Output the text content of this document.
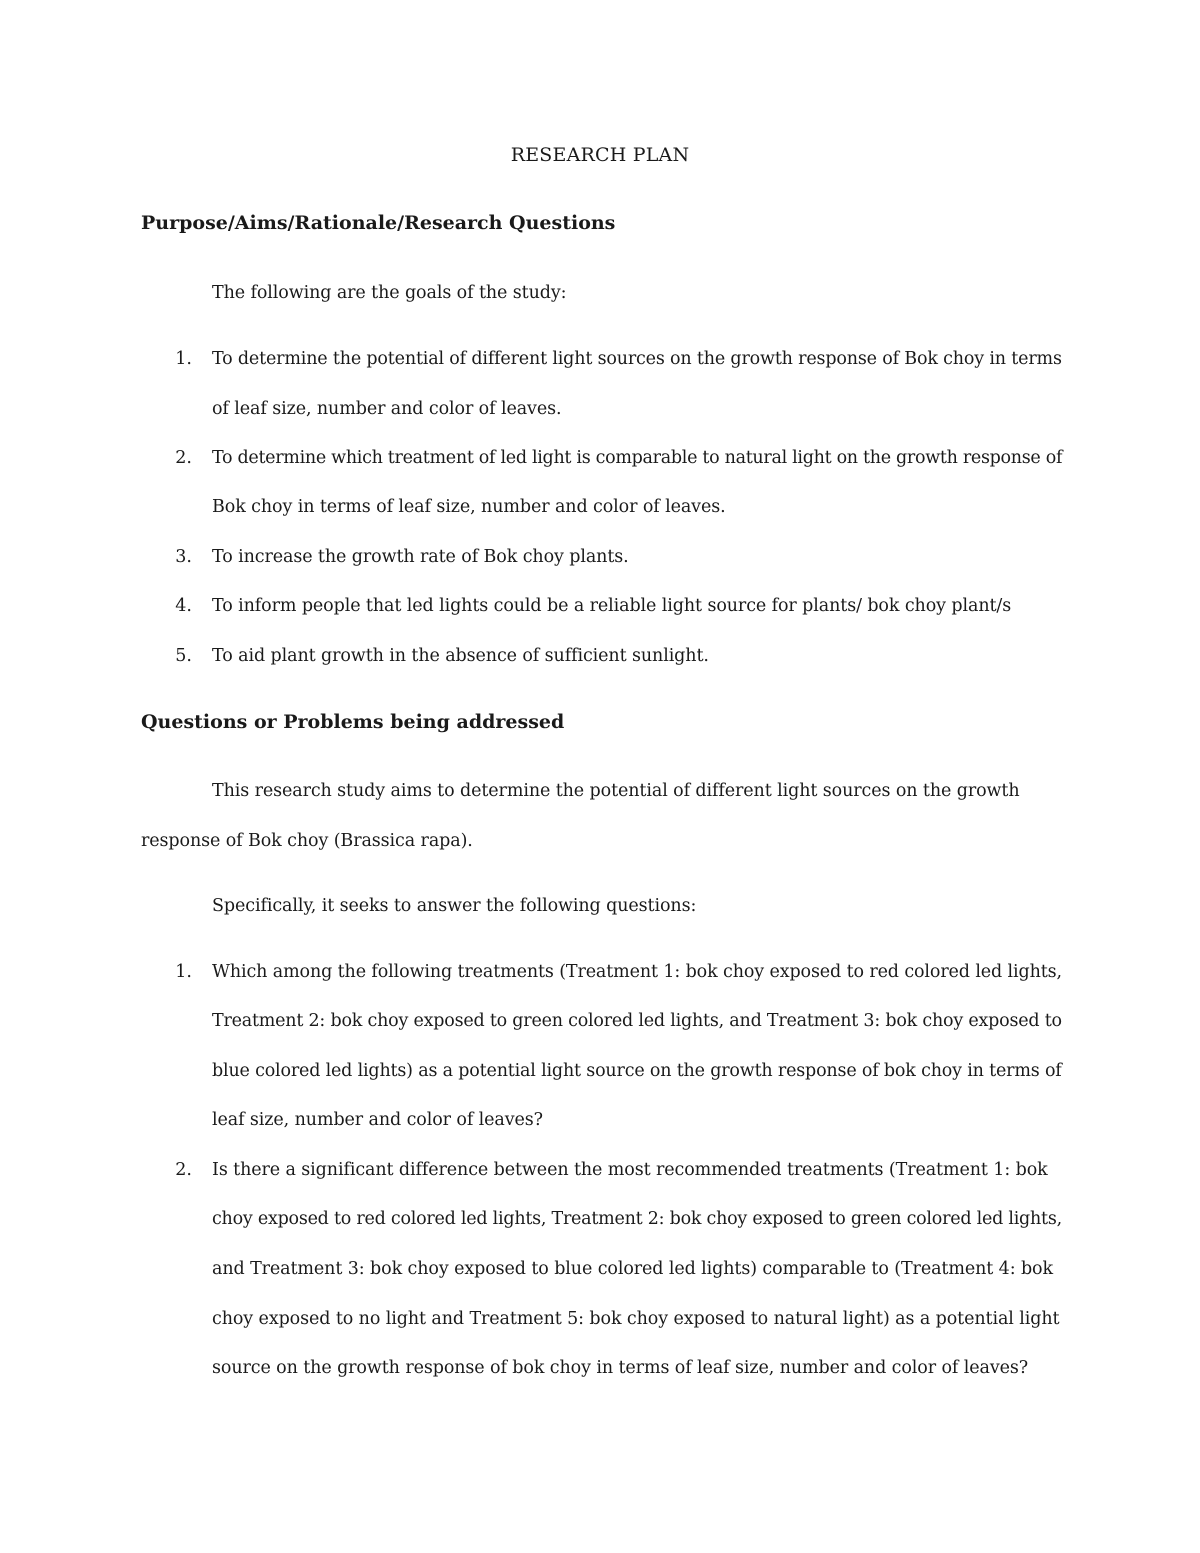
RESEARCH PLAN
Purpose/Aims/Rationale/Research Questions
The following are the goals of the study:
1. To determine the potential of different light sources on the growth response of Bok choy in terms
of leaf size, number and color of leaves.
2. To determine which treatment of led light is comparable to natural light on the growth response of
Bok choy in terms of leaf size, number and color of leaves.
3. To increase the growth rate of Bok choy plants.
4. To inform people that led lights could be a reliable light source for plants/ bok choy plant/s
5. To aid plant growth in the absence of sufficient sunlight.
Questions or Problems being addressed
This research study aims to determine the potential of different light sources on the growth
response of Bok choy (Brassica rapa).
Specifically, it seeks to answer the following questions:
1. Which among the following treatments (Treatment 1: bok choy exposed to red colored led lights,
Treatment 2: bok choy exposed to green colored led lights, and Treatment 3: bok choy exposed to
blue colored led lights) as a potential light source on the growth response of bok choy in terms of
leaf size, number and color of leaves?
2. Is there a significant difference between the most recommended treatments (Treatment 1: bok
choy exposed to red colored led lights, Treatment 2: bok choy exposed to green colored led lights,
and Treatment 3: bok choy exposed to blue colored led lights) comparable to (Treatment 4: bok
choy exposed to no light and Treatment 5: bok choy exposed to natural light) as a potential light
source on the growth response of bok choy in terms of leaf size, number and color of leaves?
